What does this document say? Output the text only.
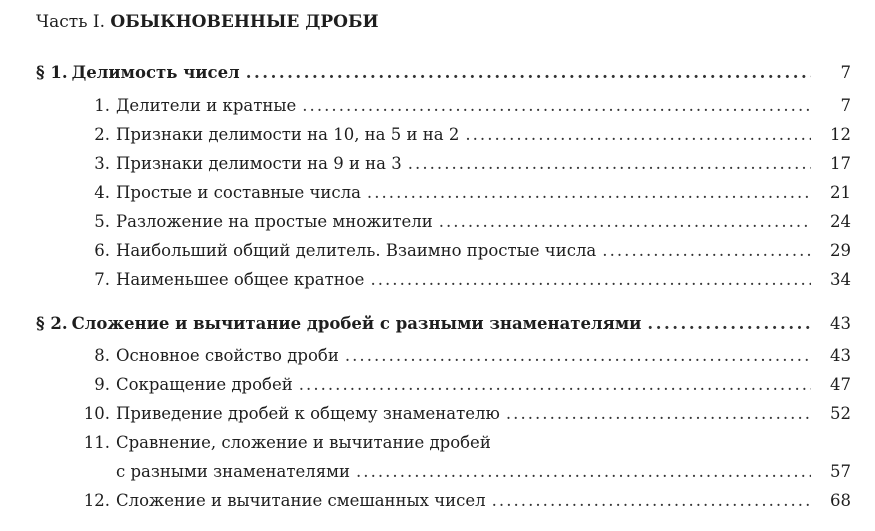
Часть I. ОБЫКНОВЕННЫЕ ДРОБИ
§ 1. Делимость чисел . . .	7
1. Делители и кратные . . .	7
2. Признаки делимости на 10, на 5 и на 2 . . .	12
3. Признаки делимости на 9 и на 3 . . .	17
4. Простые и составные числа . . .	21
5. Разложение на простые множители . . .	24
6. Наибольший общий делитель. Взаимно простые числа . . .	29
7. Наименьшее общее кратное . . .	34
§ 2. Сложение и вычитание дробей с разными знаменателями . . .	43
8. Основное свойство дроби . . .	43
9. Сокращение дробей . . .	47
10. Приведение дробей к общему знаменателю . . .	52
11. Сравнение, сложение и вычитание дробей
с разными знаменателями . . .	57
12. Сложение и вычитание смешанных чисел . . .	68
